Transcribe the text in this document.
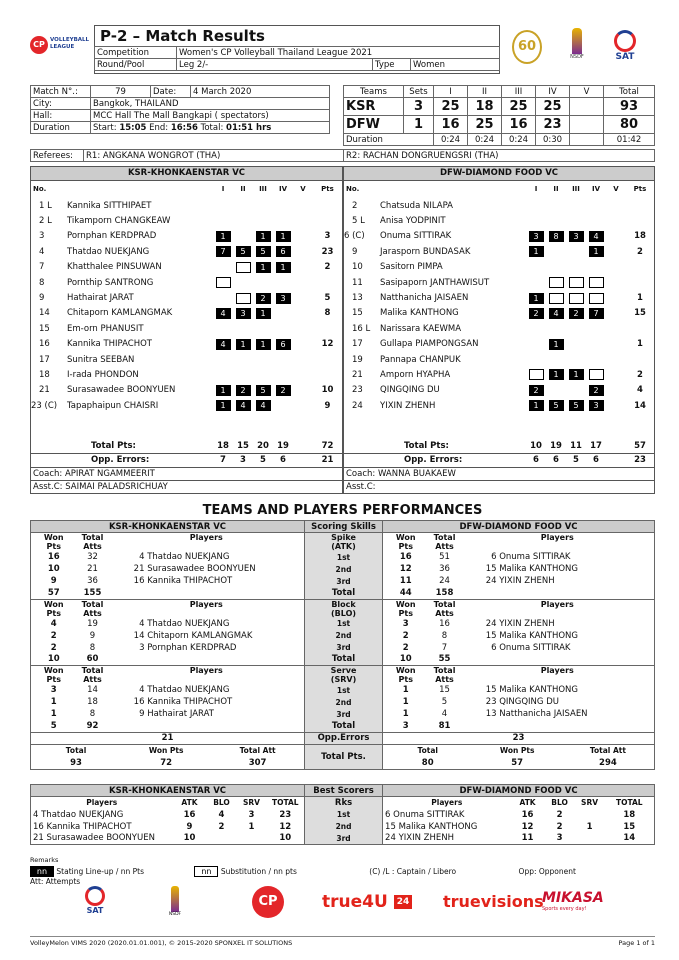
CP VOLLEYBALL
LEAGUE
P-2 – Match Results
Competition	Women's CP Volleyball Thailand League 2021		
Round/Pool	Leg 2/-	Type	Women
60
NSDF	SAT
Match N°.:	79	Date:	4 March 2020
City:	Bangkok, THAILAND		
Hall:	MCC Hall The Mall Bangkapi ( spectators)		
Duration	Start: 15:05 End: 16:56 Total: 01:51 hrs		
Teams	Sets	I	II	III	IV	V	Total
KSR	3	25	18	25	25		93
DFW	1	16	25	16	23		80
Duration		0:24	0:24	0:24	0:30		01:42
Referees:	R1: ANGKANA WONGROT (THA)	R2: RACHAN DONGRUENGSRI (THA)
KSR-KHONKAENSTAR VC							
No.		I	II	III	IV	V	Pts
1 L	Kannika SITTHIPAET						
2 L	Tikamporn CHANGKEAW						
3	Pornphan KERDPRAD	1		1	1		3
4	Thatdao NUEKJANG	7	5	5	6		23
7	Khatthalee PINSUWAN			1	1		2
8	Pornthip SANTRONG						
9	Hathairat JARAT			2	3		5
14	Chitaporn KAMLANGMAK	4	3	1			8
15	Em-orn PHANUSIT						
16	Kannika THIPACHOT	4	1	1	6		12
17	Sunitra SEEBAN						
18	I-rada PHONDON						
21	Surasawadee BOONYUEN	1	2	5	2		10
23 (C)	Tapaphaipun CHAISRI	1	4	4			9

	Total Pts:	18	15	20	19		72
	Opp. Errors:	7	3	5	6		21
Coach: APIRAT NGAMMEERIT							
Asst.C: SAIMAI PALADSRICHUAY							
DFW-DIAMOND FOOD VC							
No.		I	II	III	IV	V	Pts
2	Chatsuda NILAPA						
5 L	Anisa YODPINIT						
6 (C)	Onuma SITTIRAK	3	8	3	4		18
9	Jarasporn BUNDASAK	1			1		2
10	Sasitorn PIMPA						
11	Sasipaporn JANTHAWISUT						
13	Natthanicha JAISAEN	1					1
15	Malika KANTHONG	2	4	2	7		15
16 L	Narissara KAEWMA						
17	Gullapa PIAMPONGSAN		1				1
19	Pannapa CHANPUK						
21	Amporn HYAPHA		1	1			2
23	QINGQING DU	2			2		4
24	YIXIN ZHENH	1	5	5	3		14

	Total Pts:	10	19	11	17		57
	Opp. Errors:	6	6	5	6		23
Coach: WANNA BUAKAEW							
Asst.C:							
TEAMS AND PLAYERS PERFORMANCES
KSR-KHONKAENSTAR VC	Scoring Skills	DFW-DIAMOND FOOD VC
Won
Pts	Total
Atts	Players	Spike
(ATK)	Won
Pts	Total
Atts	Players
16	32	4 Thatdao NUEKJANG	1st	16	51	6 Onuma SITTIRAK
10	21	21 Surasawadee BOONYUEN	2nd	12	36	15 Malika KANTHONG
9	36	16 Kannika THIPACHOT	3rd	11	24	24 YIXIN ZHENH
57	155		Total	44	158	
Won
Pts	Total
Atts	Players	Block
(BLO)	Won
Pts	Total
Atts	Players
4	19	4 Thatdao NUEKJANG	1st	3	16	24 YIXIN ZHENH
2	9	14 Chitaporn KAMLANGMAK	2nd	2	8	15 Malika KANTHONG
2	8	3 Pornphan KERDPRAD	3rd	2	7	6 Onuma SITTIRAK
10	60		Total	10	55	
Won
Pts	Total
Atts	Players	Serve
(SRV)	Won
Pts	Total
Atts	Players
3	14	4 Thatdao NUEKJANG	1st	1	15	15 Malika KANTHONG
1	18	16 Kannika THIPACHOT	2nd	1	5	23 QINGQING DU
1	8	9 Hathairat JARAT	3rd	1	4	13 Natthanicha JAISAEN
5	92		Total	3	81	
21	Opp.Errors	23

Total	Won Pts	Total Att
93	72	307
	Total Pts.	
Total	Won Pts	Total Att
80	57	294
KSR-KHONKAENSTAR VC					Best Scorers	DFW-DIAMOND FOOD VC				
Players	ATK	BLO	SRV	TOTAL	Rks	Players	ATK	BLO	SRV	TOTAL
4 Thatdao NUEKJANG	16	4	3	23	1st	6 Onuma SITTIRAK	16	2		18
16 Kannika THIPACHOT	9	2	1	12	2nd	15 Malika KANTHONG	12	2	1	15
21 Surasawadee BOONYUEN	10			10	3rd	24 YIXIN ZHENH	11	3		14
Remarks
nn Stating Line-up / nn Pts	nn Substitution / nn pts	(C) /L : Captain / Libero	Opp: Opponent Att: Attempts
SAT	NSDF
CP	true4U 24 truevisions
MIKASA
Sports every day!
VolleyMelon VIMS 2020 (2020.01.01.001), © 2015-2020 SPONXEL IT SOLUTIONS	Page 1 of 1
